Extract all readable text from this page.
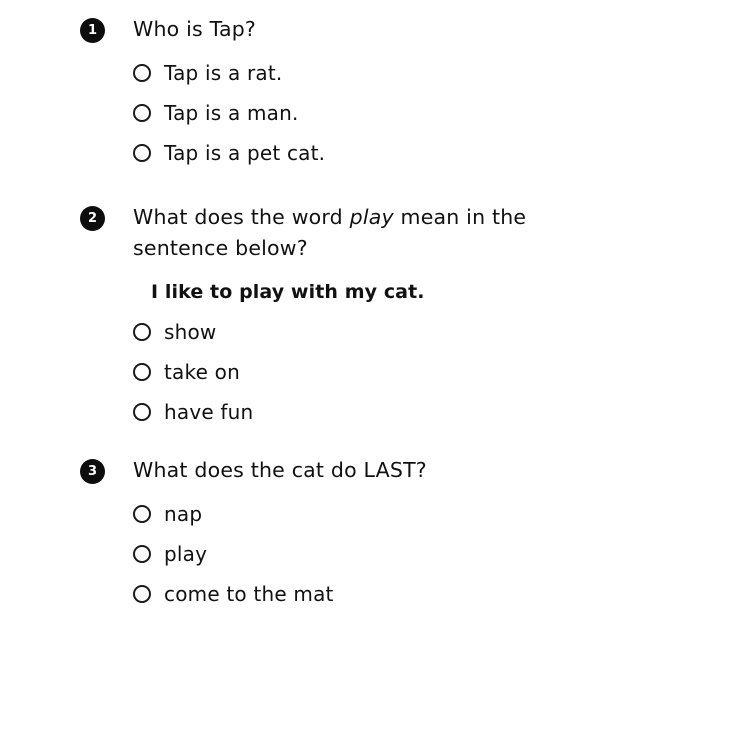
1	Who is Tap?

Tap is a rat.
Tap is a man.
Tap is a pet cat.
2	What does the word play mean in the sentence below?

I like to play with my cat.
show
take on
have fun
3	What does the cat do LAST?

nap
play
come to the mat
